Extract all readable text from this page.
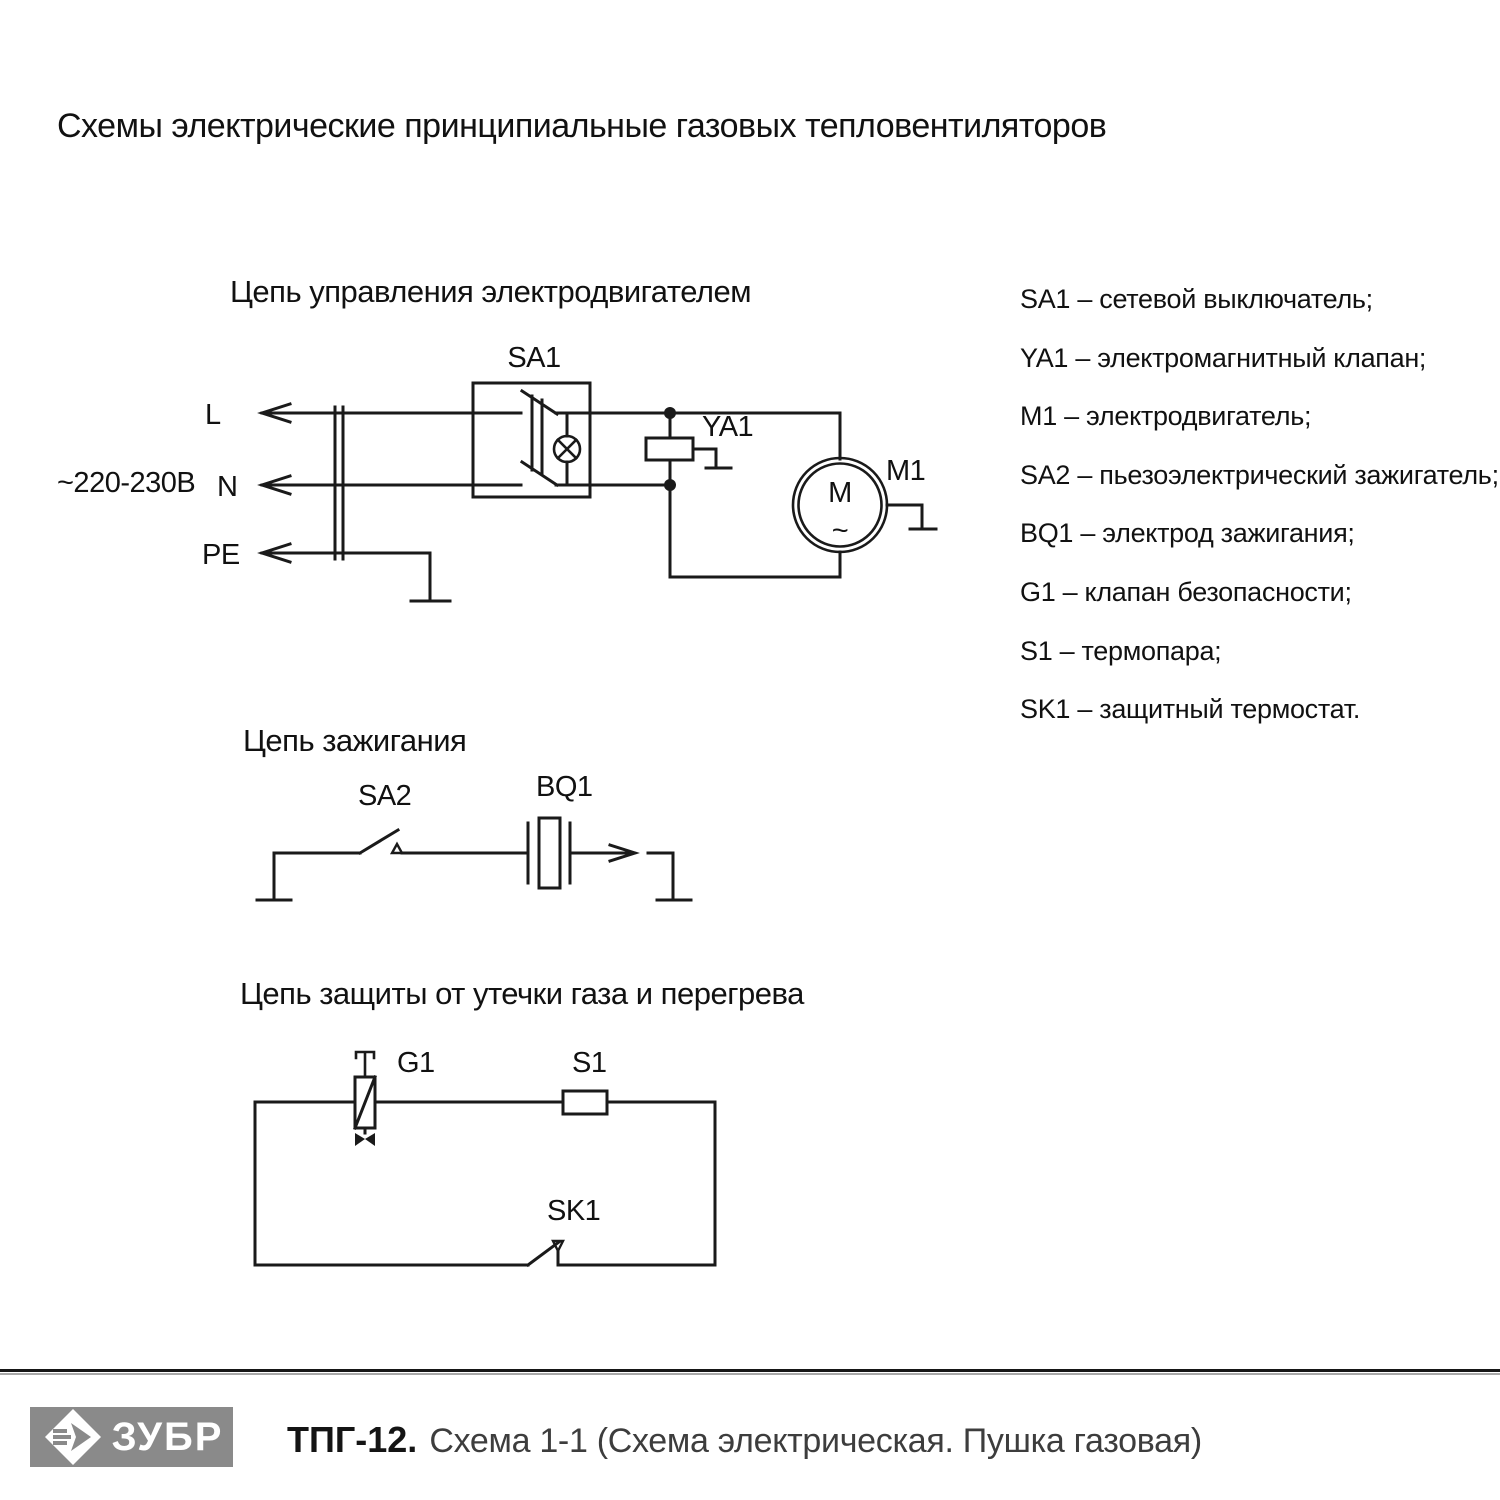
Схемы электрические принципиальные газовых тепловентиляторов
Цепь управления электродвигателем
Цепь зажигания
Цепь защиты от утечки газа и перегрева
SA1 – сетевой выключатель;
YA1 – электромагнитный клапан;
M1 – электродвигатель;
SA2 – пьезоэлектрический зажигатель;
BQ1 – электрод зажигания;
G1 – клапан безопасности;
S1 – термопара;
SK1 – защитный термостат.
~220-230В
L
N
PE
SA1
YA1
M1
M
~
SA2	BQ1
G1	S1
SK1
ЗУБР ТПГ-12. Схема 1-1 (Схема электрическая. Пушка газовая)
